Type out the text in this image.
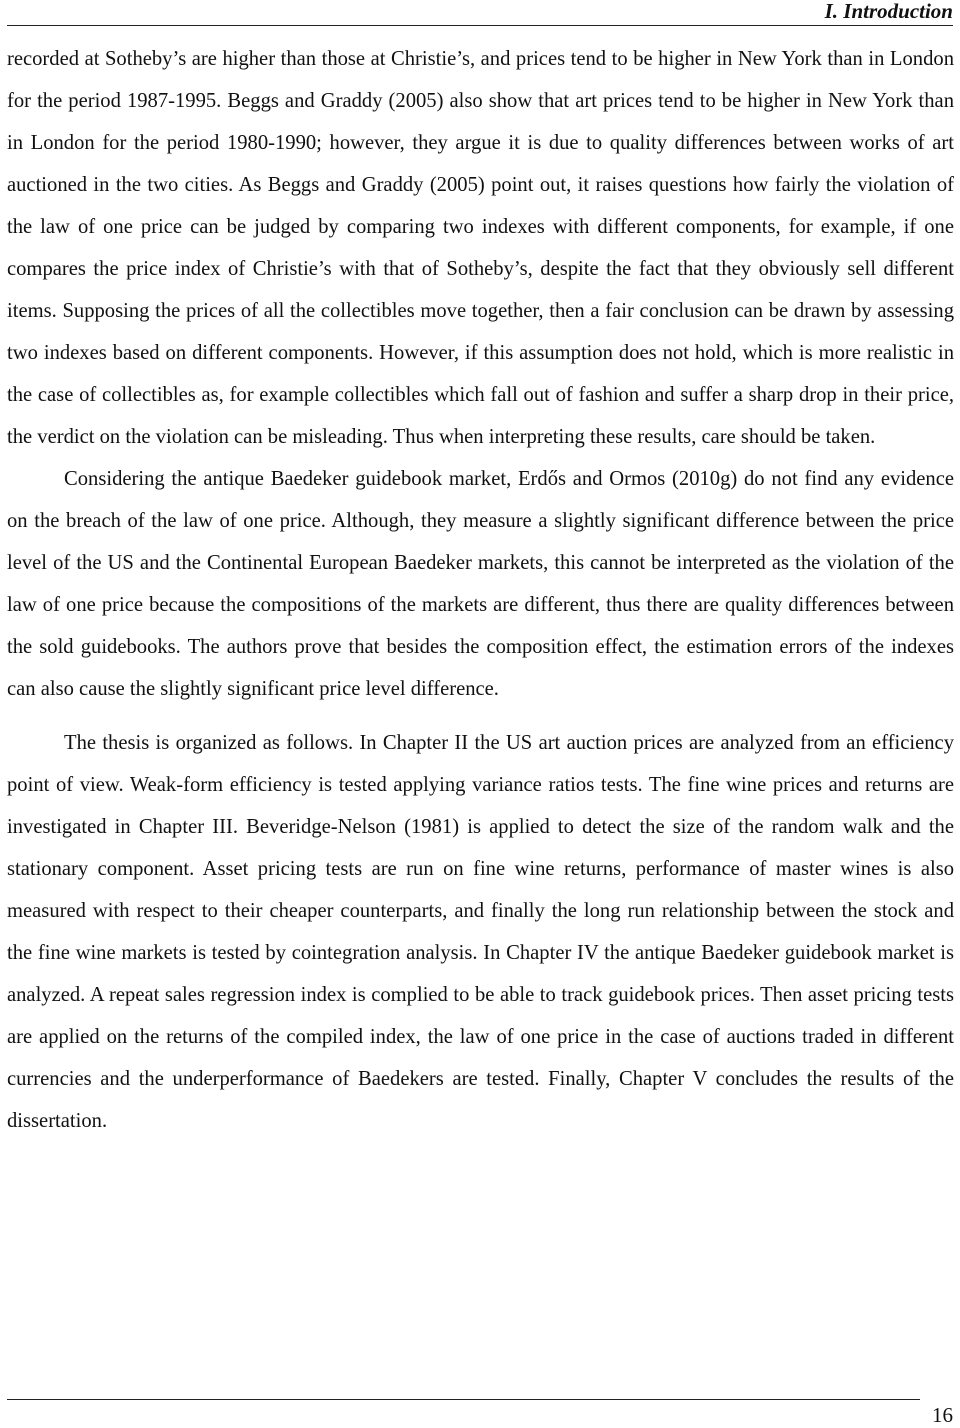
I. Introduction

recorded at Sotheby’s are higher than those at Christie’s, and prices tend to be higher in New York than in London for the period 1987-1995. Beggs and Graddy (2005) also show that art prices tend to be higher in New York than in London for the period 1980-1990; however, they argue it is due to quality differences between works of art auctioned in the two cities. As Beggs and Graddy (2005) point out, it raises questions how fairly the violation of the law of one price can be judged by comparing two indexes with different components, for example, if one compares the price index of Christie’s with that of Sotheby’s, despite the fact that they obviously sell different items. Supposing the prices of all the collectibles move together, then a fair conclusion can be drawn by assessing two indexes based on different components. However, if this assumption does not hold, which is more realistic in the case of collectibles as, for example collectibles which fall out of fashion and suffer a sharp drop in their price, the verdict on the violation can be misleading. Thus when interpreting these results, care should be taken.

Considering the antique Baedeker guidebook market, Erdős and Ormos (2010g) do not find any evidence on the breach of the law of one price. Although, they measure a slightly significant difference between the price level of the US and the Continental European Baedeker markets, this cannot be interpreted as the violation of the law of one price because the compositions of the markets are different, thus there are quality differences between the sold guidebooks. The authors prove that besides the composition effect, the estimation errors of the indexes can also cause the slightly significant price level difference.

The thesis is organized as follows. In Chapter II the US art auction prices are analyzed from an efficiency point of view. Weak-form efficiency is tested applying variance ratios tests. The fine wine prices and returns are investigated in Chapter III. Beveridge-Nelson (1981) is applied to detect the size of the random walk and the stationary component. Asset pricing tests are run on fine wine returns, performance of master wines is also measured with respect to their cheaper counterparts, and finally the long run relationship between the stock and the fine wine markets is tested by cointegration analysis. In Chapter IV the antique Baedeker guidebook market is analyzed. A repeat sales regression index is complied to be able to track guidebook prices. Then asset pricing tests are applied on the returns of the compiled index, the law of one price in the case of auctions traded in different currencies and the underperformance of Baedekers are tested. Finally, Chapter V concludes the results of the dissertation.

16
